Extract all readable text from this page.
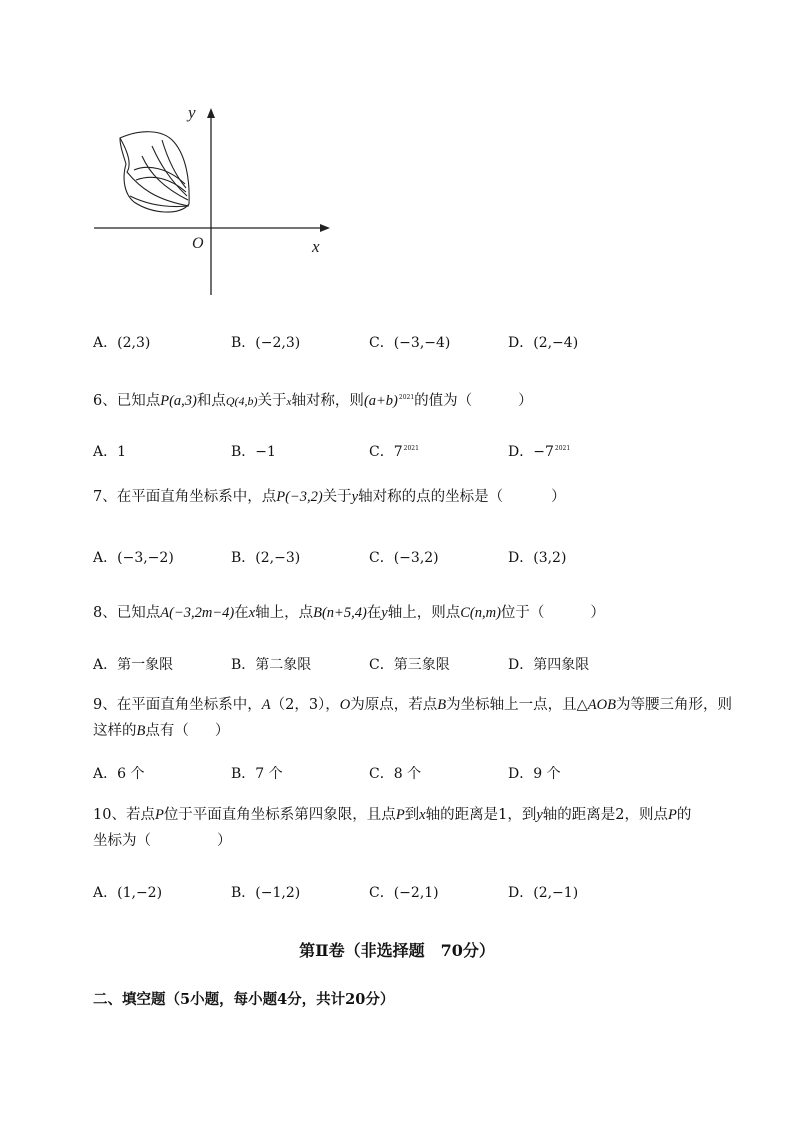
y
x
O
A．(2,3)	B．(−2,3)	C．(−3,−4)	D．(2,−4)
6、已知点P(a,3)和点Q(4,b)关于x轴对称，则$(a+b)^{2021}$的值为（	）
A．1	B．−1	C．$7^{2021}$	D．$-7^{2021}$
7、在平面直角坐标系中，点P(−3,2)关于y轴对称的点的坐标是（	）
A．(−3,−2)	B．(2,−3)	C．(−3,2)	D．(3,2)
8、已知点A(−3,2m−4)在x轴上，点B(n+5,4)在y轴上，则点C(n,m)位于（	）
A．第一象限	B．第二象限	C．第三象限	D．第四象限
9、在平面直角坐标系中，A（2，3），O为原点，若点B为坐标轴上一点，且△AOB为等腰三角形，则
这样的B点有（ ）
A．6 个	B．7 个	C．8 个	D．9 个
10、若点P位于平面直角坐标系第四象限，且点P到x轴的距离是1，到y轴的距离是2，则点P的
坐标为（	）
A．(1,−2)	B．(−1,2)	C．(−2,1)	D．(2,−1)
第Ⅱ卷（非选择题　70分）
二、填空题（5小题，每小题4分，共计20分）
